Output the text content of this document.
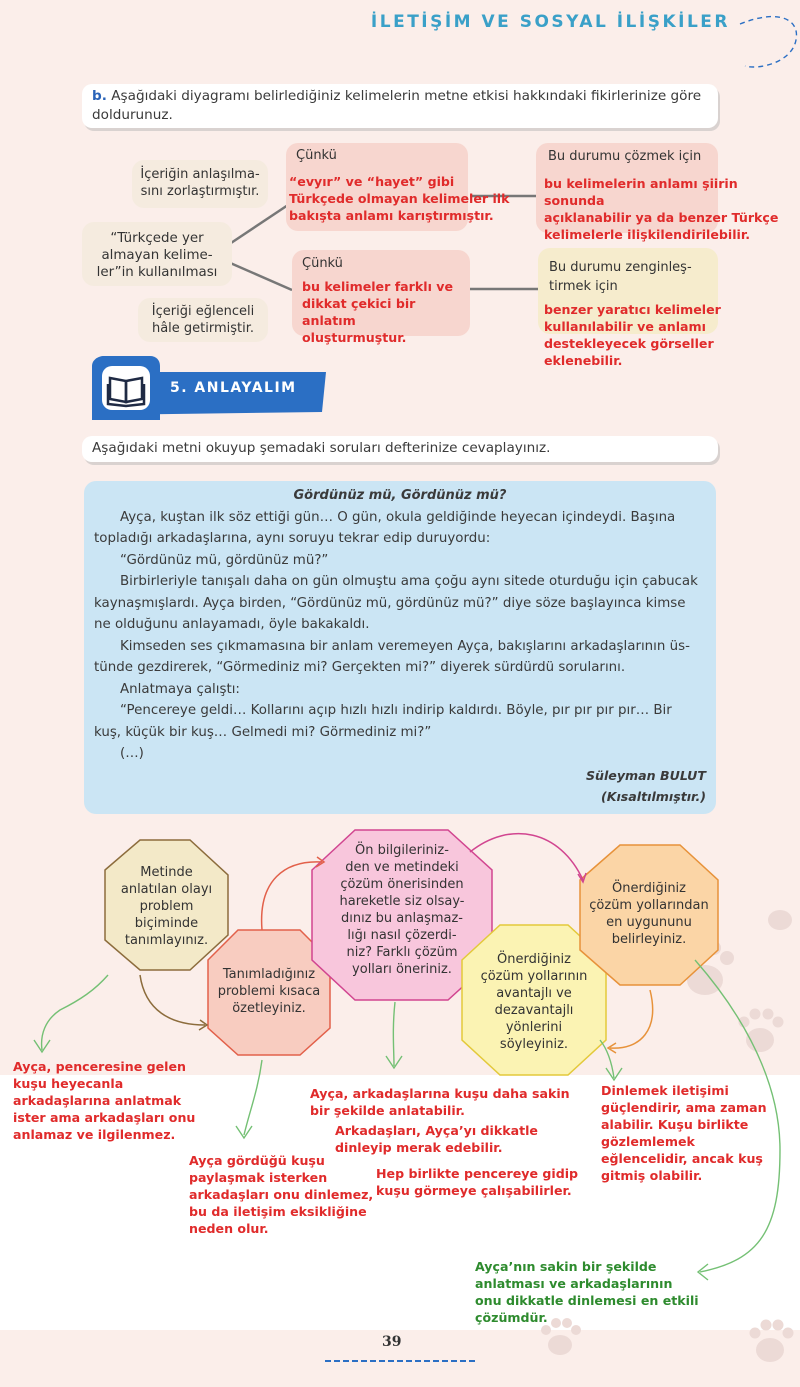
İLETİŞİM VE SOSYAL İLİŞKİLER
b. Aşağıdaki diyagramı belirlediğiniz kelimelerin metne etkisi hakkındaki fikirlerinize göre
doldurunuz.
İçeriğin anlaşılma-
sını zorlaştırmıştır.
“Türkçede yer
almayan kelime-
ler”in kullanılması
İçeriği eğlenceli
hâle getirmiştir.
Çünkü
“evyır” ve “hayet” gibi
Türkçede olmayan kelimeler ilk
bakışta anlamı karıştırmıştır.
Çünkü
bu kelimeler farklı ve
dikkat çekici bir anlatım
oluşturmuştur.
Bu durumu çözmek için
bu kelimelerin anlamı şiirin sonunda
açıklanabilir ya da benzer Türkçe
kelimelerle ilişkilendirilebilir.
Bu durumu zenginleş-
tirmek için
benzer yaratıcı kelimeler
kullanılabilir ve anlamı
destekleyecek görseller
eklenebilir.
5. ANLAYALIM
Aşağıdaki metni okuyup şemadaki soruları defterinize cevaplayınız.
Gördünüz mü, Gördünüz mü?

Ayça, kuştan ilk söz ettiği gün… O gün, okula geldiğinde heyecan içindeydi. Başına

topladığı arkadaşlarına, aynı soruyu tekrar edip duruyordu:

“Gördünüz mü, gördünüz mü?”

Birbirleriyle tanışalı daha on gün olmuştu ama çoğu aynı sitede oturduğu için çabucak

kaynaşmışlardı. Ayça birden, “Gördünüz mü, gördünüz mü?” diye söze başlayınca kimse

ne olduğunu anlayamadı, öyle bakakaldı.

Kimseden ses çıkmamasına bir anlam veremeyen Ayça, bakışlarını arkadaşlarının üs-

tünde gezdirerek, “Görmediniz mi? Gerçekten mi?” diyerek sürdürdü sorularını.

Anlatmaya çalıştı:

“Pencereye geldi… Kollarını açıp hızlı hızlı indirip kaldırdı. Böyle, pır pır pır pır… Bir

kuş, küçük bir kuş… Gelmedi mi? Görmediniz mi?”

(…)

Süleyman BULUT

(Kısaltılmıştır.)

Metinde
anlatılan olayı
problem
biçiminde
tanımlayınız.
Tanımladığınız
problemi kısaca
özetleyiniz.
Ön bilgileriniz-
den ve metindeki
çözüm önerisinden
hareketle siz olsay-
dınız bu anlaşmaz-
lığı nasıl çözerdi-
niz? Farklı çözüm
yolları öneriniz.
Önerdiğiniz
çözüm yollarının
avantajlı ve
dezavantajlı
yönlerini
söyleyiniz.
Önerdiğiniz
çözüm yollarından
en uygununu
belirleyiniz.
Ayça, penceresine gelen
kuşu heyecanla
arkadaşlarına anlatmak
ister ama arkadaşları onu
anlamaz ve ilgilenmez.
Ayça gördüğü kuşu
paylaşmak isterken
arkadaşları onu dinlemez,
bu da iletişim eksikliğine
neden olur.
Ayça, arkadaşlarına kuşu daha sakin
bir şekilde anlatabilir.
Arkadaşları, Ayça’yı dikkatle
dinleyip merak edebilir.
Hep birlikte pencereye gidip
kuşu görmeye çalışabilirler.
Dinlemek iletişimi
güçlendirir, ama zaman
alabilir. Kuşu birlikte
gözlemlemek
eğlencelidir, ancak kuş
gitmiş olabilir.
Ayça’nın sakin bir şekilde
anlatması ve arkadaşlarının
onu dikkatle dinlemesi en etkili
çözümdür.
39
